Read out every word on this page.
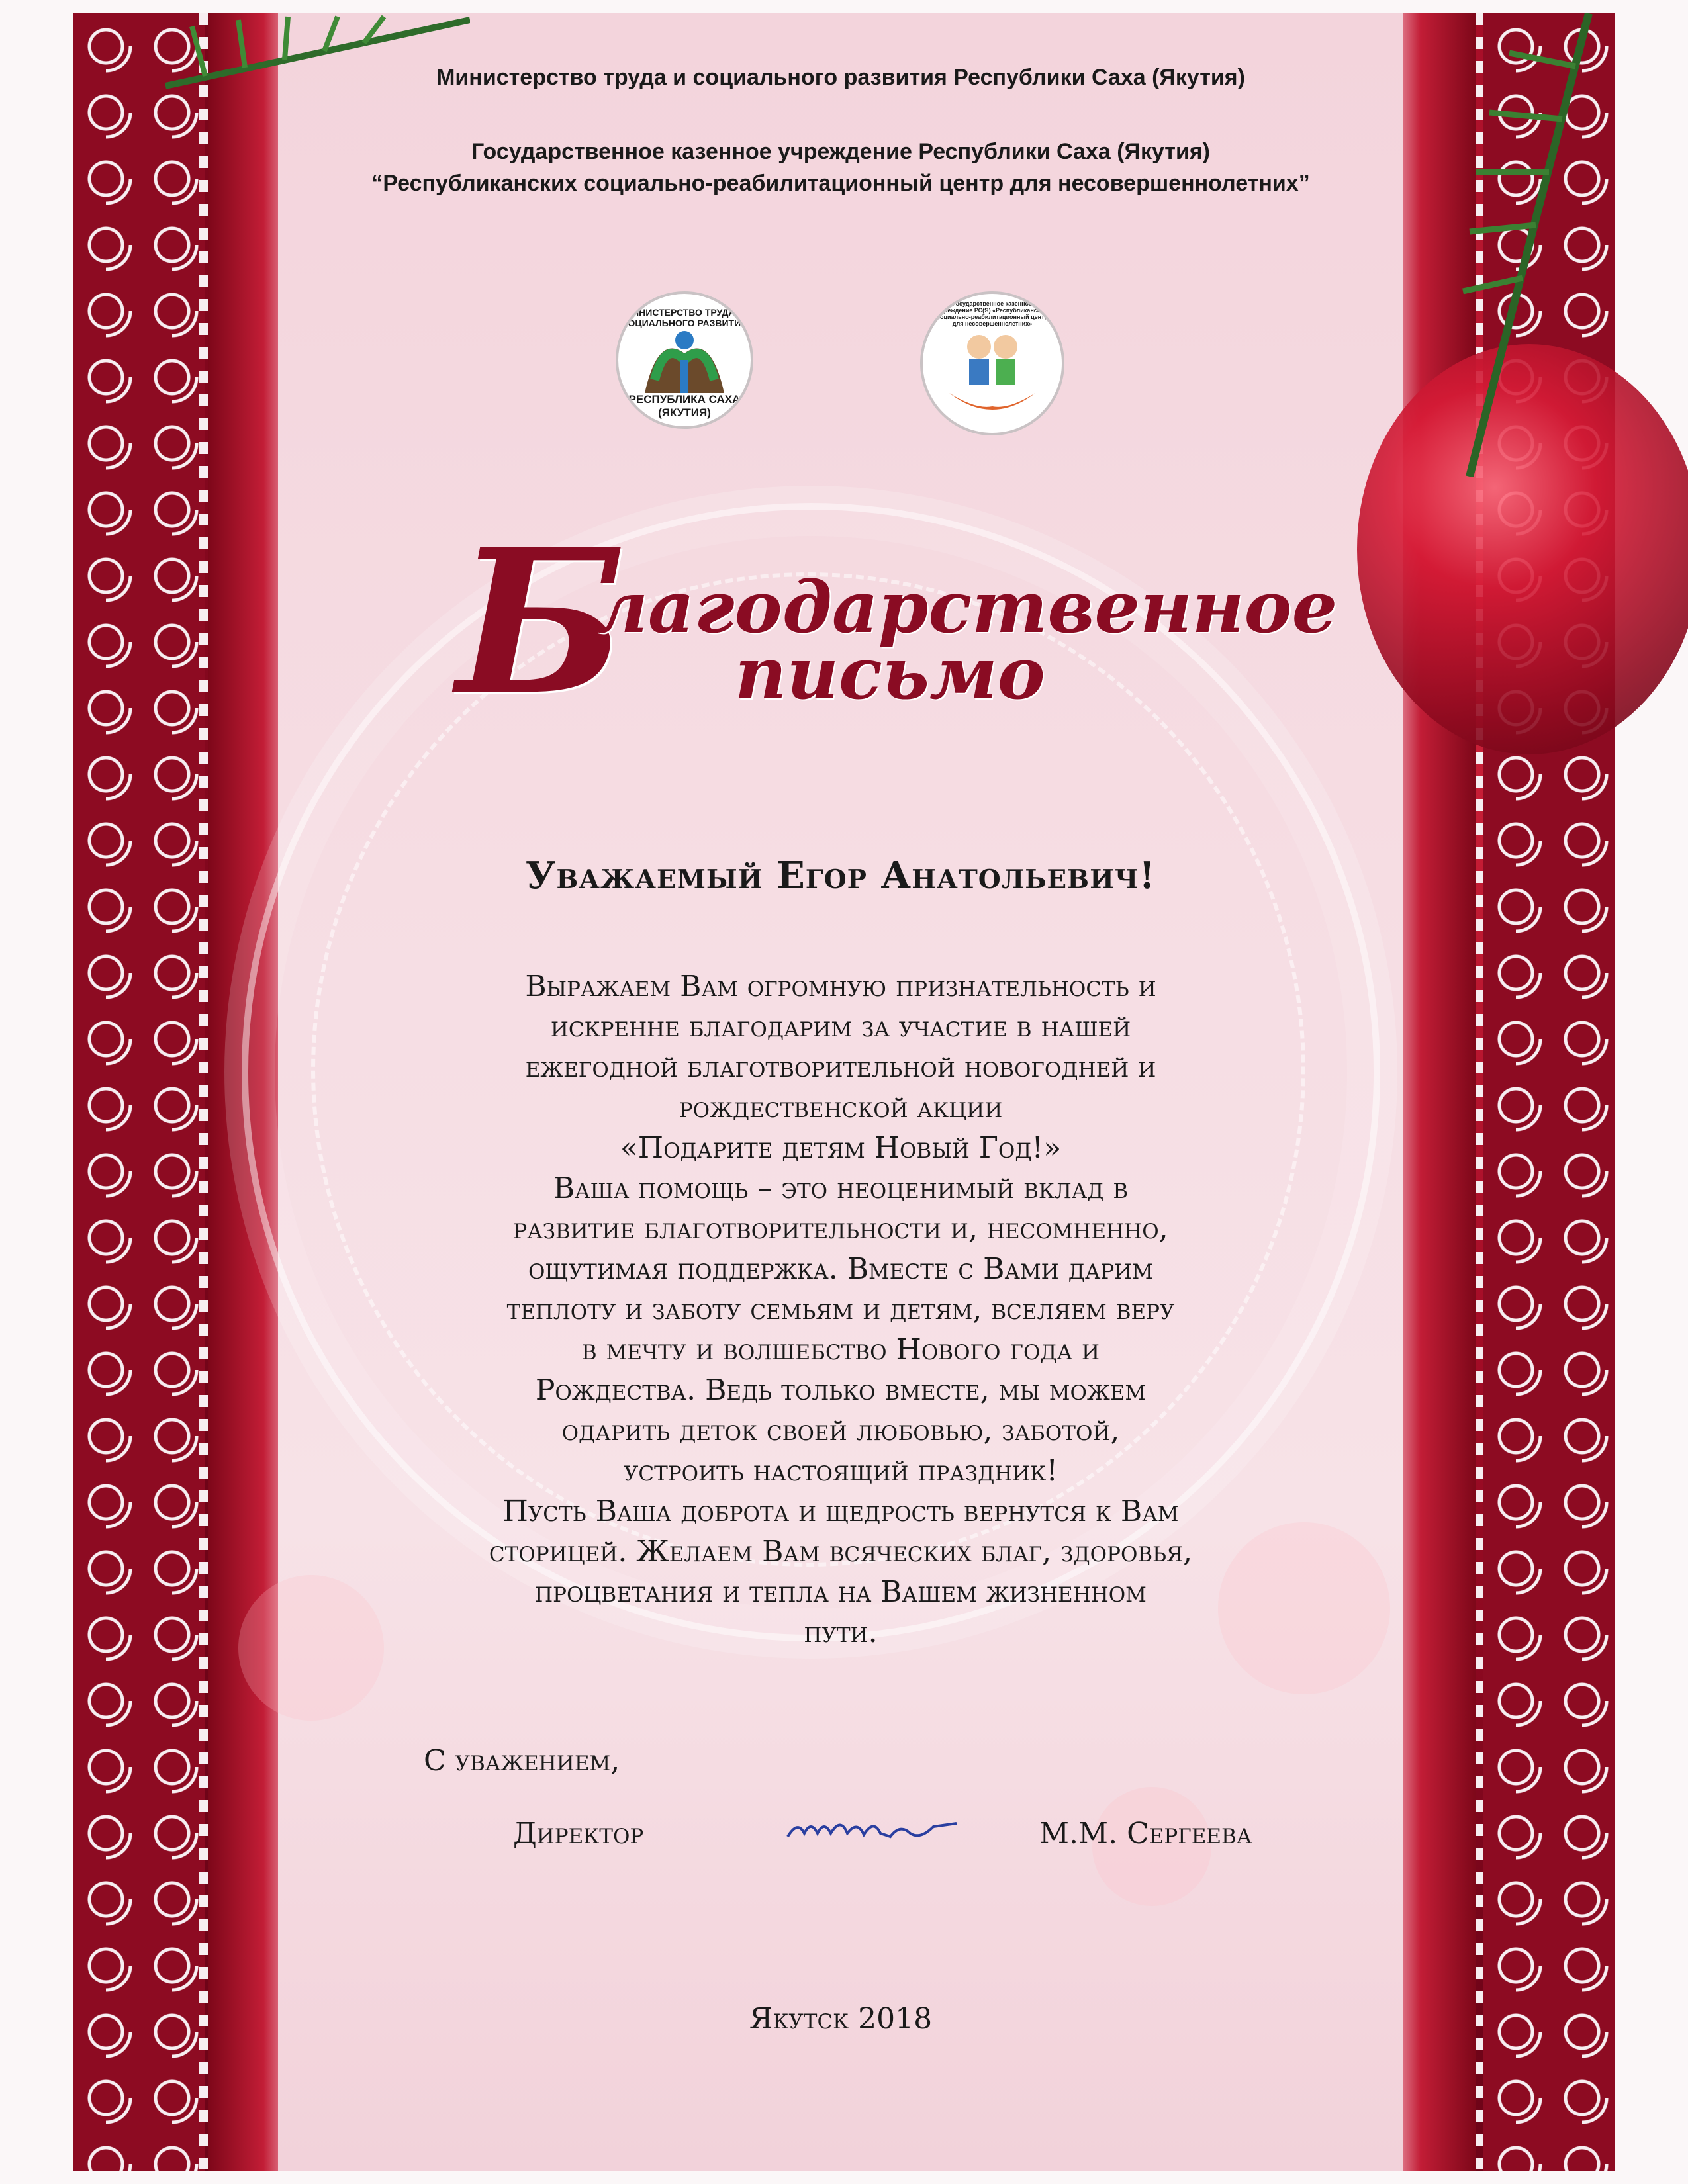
Министерство труда и социального развития Республики Саха (Якутия)
Государственное казенное учреждение Республики Саха (Якутия)
“Республиканских социально-реабилитационный центр для несовершеннолетних”
МИНИСТЕРСТВО ТРУДА И СОЦИАЛЬНОГО РАЗВИТИЯ
РЕСПУБЛИКА САХА
(ЯКУТИЯ)
Государственное казенное учреждение РС(Я) «Республиканский социально-реабилитационный центр для несовершеннолетних»
Б
лагодарственное
письмо
Уважаемый Егор Анатольевич!
Выражаем Вам огромную признательность и
искренне благодарим за участие в нашей
ежегодной благотворительной новогодней и
рождественской акции
«Подарите детям Новый Год!»
Ваша помощь – это неоценимый вклад в
развитие благотворительности и, несомненно,
ощутимая поддержка. Вместе с Вами дарим
теплоту и заботу семьям и детям, вселяем веру
в мечту и волшебство Нового года и
Рождества. Ведь только вместе, мы можем
одарить деток своей любовью, заботой,
устроить настоящий праздник!
Пусть Ваша доброта и щедрость вернутся к Вам
сторицей. Желаем Вам всяческих благ, здоровья,
процветания и тепла на Вашем жизненном
пути.
С уважением,
Директор	М.М. Сергеева
Якутск 2018
